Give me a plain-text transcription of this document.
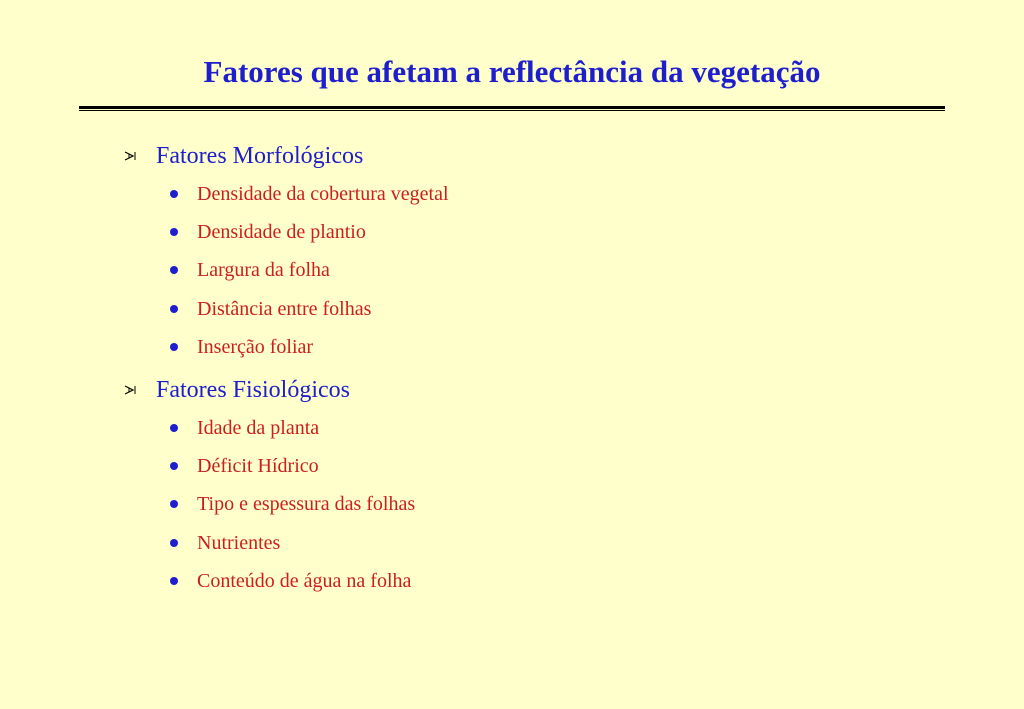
Fatores que afetam a reflectância da vegetação
Fatores Morfológicos
Densidade da cobertura vegetal
Densidade de plantio
Largura da folha
Distância entre folhas
Inserção foliar
Fatores Fisiológicos
Idade da planta
Déficit Hídrico
Tipo e espessura das folhas
Nutrientes
Conteúdo de água na folha
